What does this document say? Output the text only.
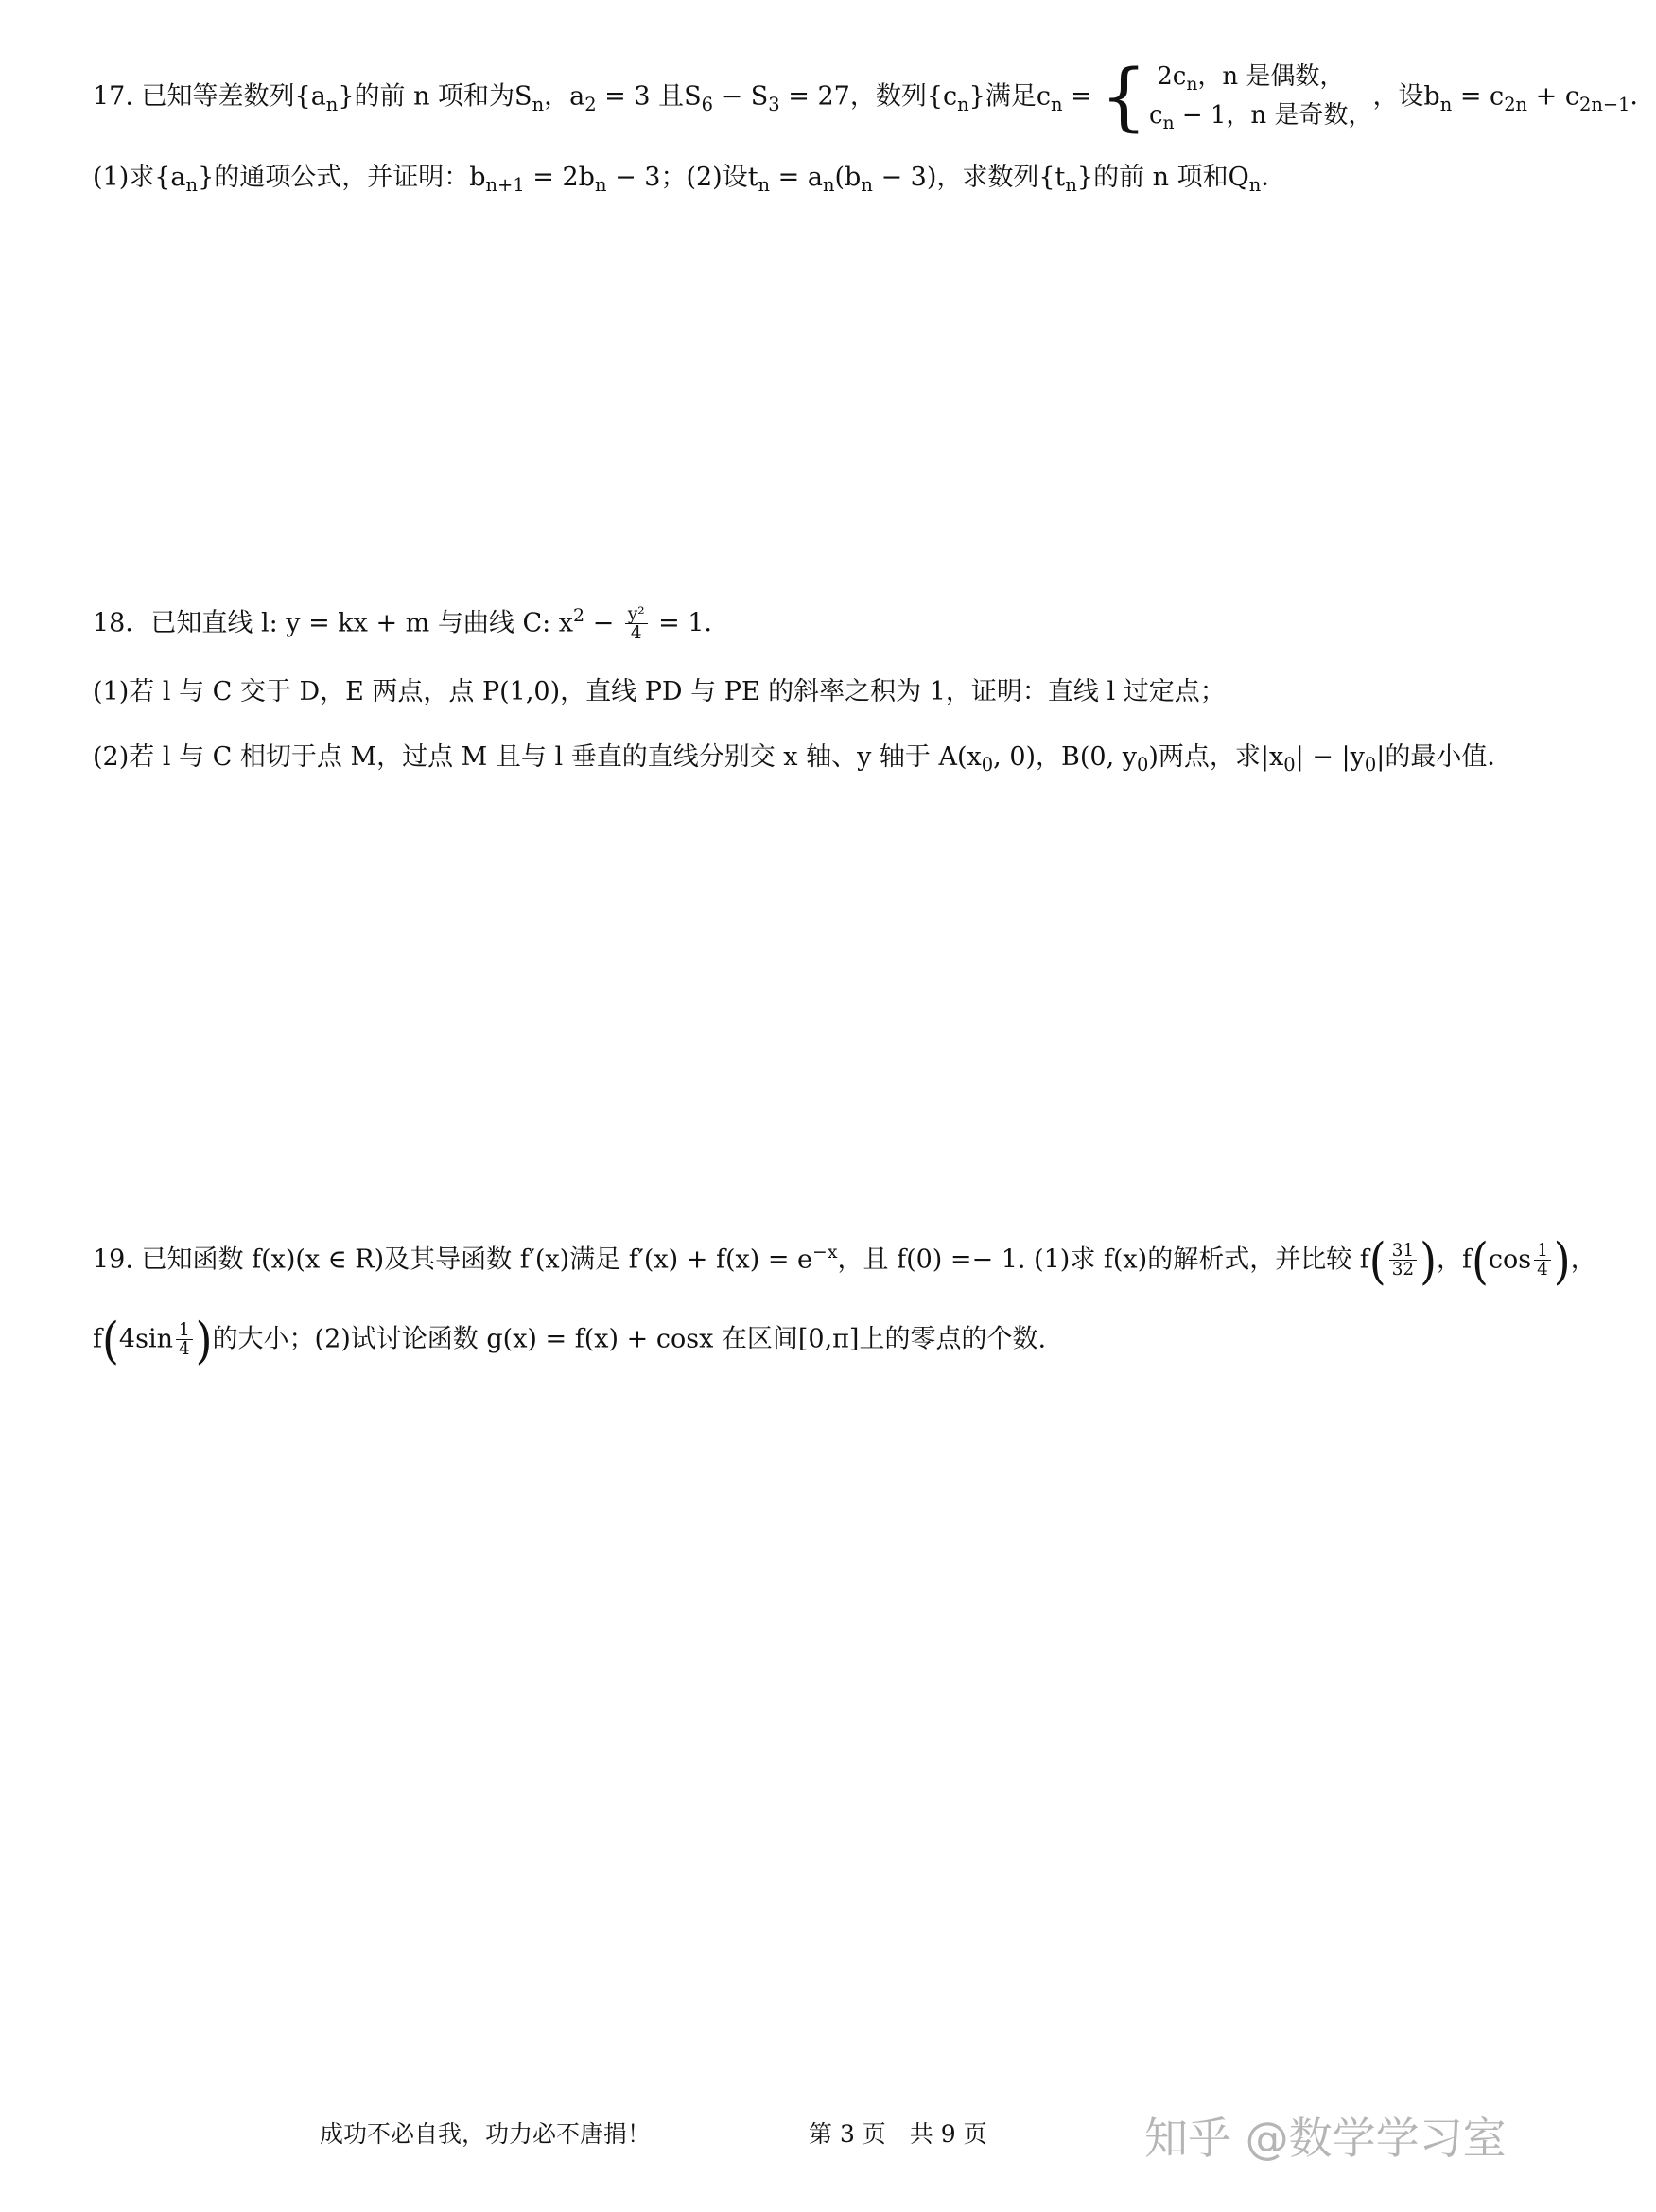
17. 已知等差数列$\{a_n\}$的前 n 项和为$S_n$，$a_2 = 3$ 且$S_6 - S_3 = 27$，数列$\{c_n\}$满足$c_n$ = { $2c_n$，n 是偶数，
$c_n - 1$，n 是奇数，
，设$b_n = c_{2n} + c_{2n-1}$．
(1)求$\{a_n\}$的通项公式，并证明：$b_{n+1} = 2b_n - 3$；(2)设$t_n = a_n(b_n - 3)$，求数列$\{t_n\}$的前 n 项和$Q_n$．
18．已知直线 l: y = kx + m 与曲线 C: $x^2 - \frac{\text{y²}}{4} = 1$．
(1)若 l 与 C 交于 D，E 两点，点 P(1,0)，直线 PD 与 PE 的斜率之积为 1，证明：直线 l 过定点；
(2)若 l 与 C 相切于点 M，过点 M 且与 l 垂直的直线分别交 x 轴、y 轴于 $A(x_0$, 0)，B(0, $y_0$)两点，求$|x_0| - |y_0|$的最小值．
19. 已知函数 f(x)(x ∈ R)及其导函数 f′(x)满足 $f'(x) + f(x) = e^{-x}$，且 f(0) =− 1. (1)求 f(x)的解析式，并比较 $f( \frac{31}{32}$ )，$f(\cos \frac{1}{4}$ )，
$f(4\sin \frac{1}{4}$ )的大小；(2)试讨论函数 g(x) = f(x) + cosx 在区间[0,π]上的零点的个数.
成功不必自我，功力必不唐捐！	第 3 页　共 9 页	知乎 @数学学习室
